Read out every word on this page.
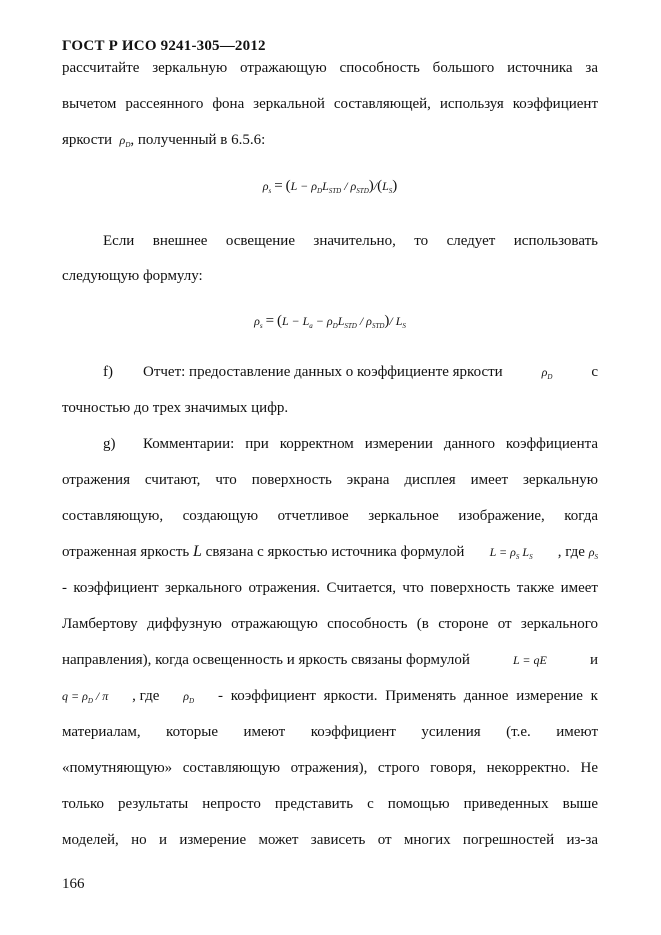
ГОСТ Р ИСО 9241-305—2012
рассчитайте зеркальную отражающую способность большого источника за
вычетом рассеянного фона зеркальной составляющей, используя коэффициент
яркости $\rho_D$, полученный в 6.5.6:
$\rho_s = (L - \rho_DL_{STD} / \rho_{STD})/(L_S)$
Если внешнее освещение значительно, то следует использовать
следующую формулу:
$\rho_s = (L - L_a - \rho_DL_{STD} / \rho_{STD})/$ $L_S$
f) Отчет: предоставление данных о коэффициенте яркости	$\rho_D$	с
точностью до трех значимых цифр.
g)	Комментарии: при корректном измерении данного коэффициента
отражения считают, что поверхность экрана дисплея имеет зеркальную
составляющую, создающую отчетливое зеркальное изображение, когда
отраженная яркость L связана с яркостью источника формулой $L = \rho_S$ $L_S$ , где $\rho_S$
- коэффициент зеркального отражения. Считается, что поверхность также имеет
Ламбертову диффузную отражающую способность (в стороне от зеркального
направления), когда освещенность и яркость связаны формулой	L = qE	и
$q = \rho_D / \pi$ , где $\rho_D$ - коэффициент яркости. Применять данное измерение к
материалам, которые имеют коэффициент усиления (т.е. имеют
«помутняющую» составляющую отражения), строго говоря, некорректно. Не
только результаты непросто представить с помощью приведенных выше
моделей, но и измерение может зависеть от многих погрешностей из-за
166
